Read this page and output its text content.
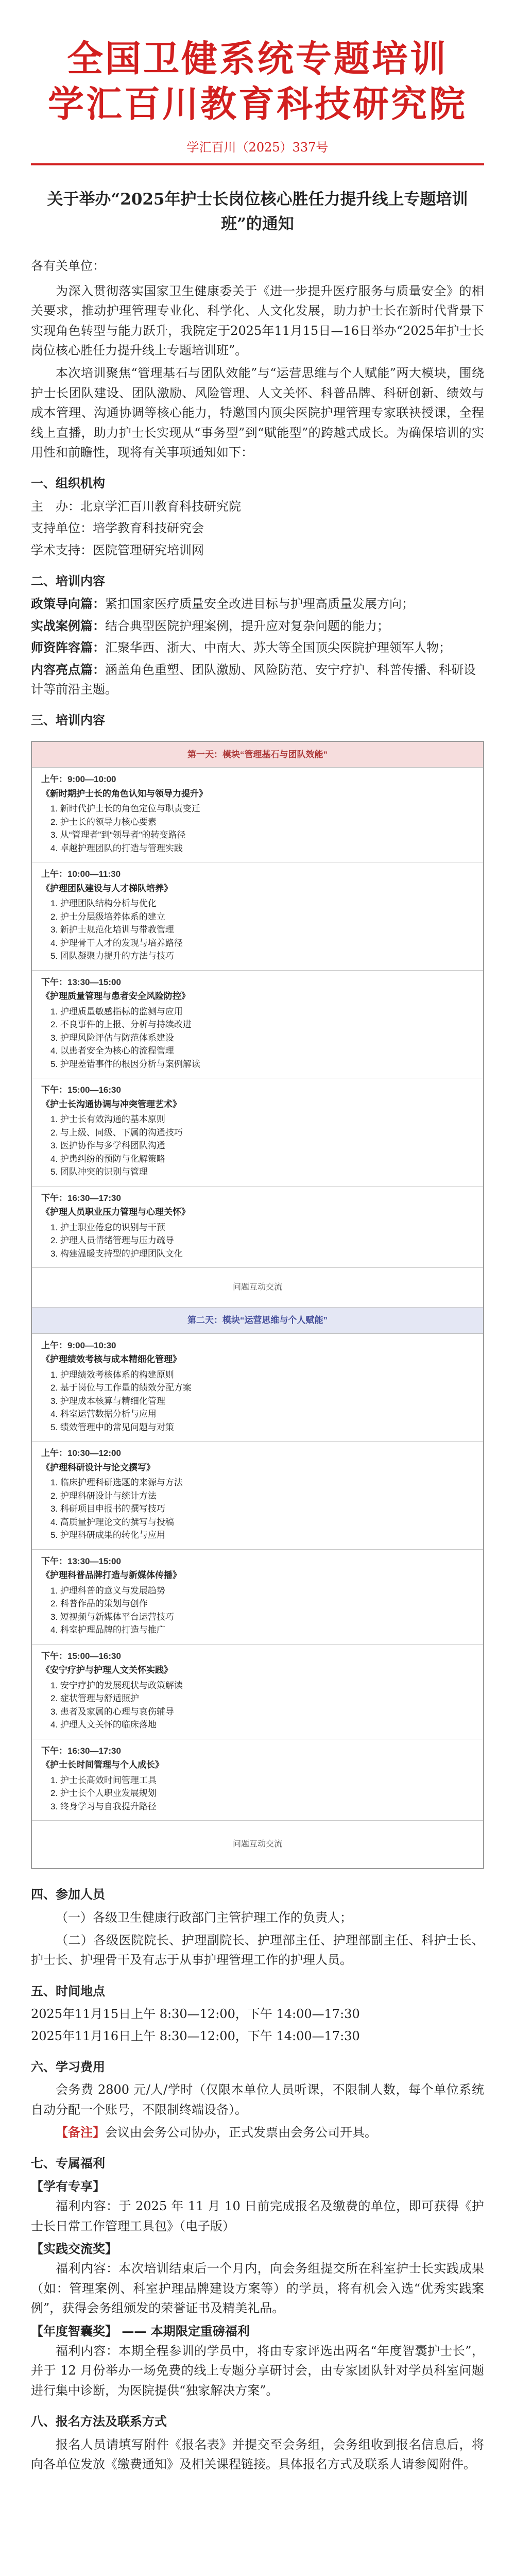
全国卫健系统专题培训
学汇百川教育科技研究院
学汇百川（2025）337号
关于举办“2025年护士长岗位核心胜任力提升线上专题培训班”的通知
各有关单位：

为深入贯彻落实国家卫生健康委关于《进一步提升医疗服务与质量安全》的相关要求，推动护理管理专业化、科学化、人文化发展，助力护士长在新时代背景下实现角色转型与能力跃升，我院定于2025年11月15日—16日举办“2025年护士长岗位核心胜任力提升线上专题培训班”。

本次培训聚焦“管理基石与团队效能”与“运营思维与个人赋能”两大模块，围绕护士长团队建设、团队激励、风险管理、人文关怀、科普品牌、科研创新、绩效与成本管理、沟通协调等核心能力，特邀国内顶尖医院护理管理专家联袂授课，全程线上直播，助力护士长实现从“事务型”到“赋能型”的跨越式成长。为确保培训的实用性和前瞻性，现将有关事项通知如下：

一、组织机构
主　办：北京学汇百川教育科技研究院
支持单位：培学教育科技研究会
学术支持：医院管理研究培训网
二、培训内容
政策导向篇：紧扣国家医疗质量安全改进目标与护理高质量发展方向；
实战案例篇：结合典型医院护理案例，提升应对复杂问题的能力；
师资阵容篇：汇聚华西、浙大、中南大、苏大等全国顶尖医院护理领军人物；
内容亮点篇：涵盖角色重塑、团队激励、风险防范、安宁疗护、科普传播、科研设计等前沿主题。
三、培训内容
第一天：模块“管理基石与团队效能”
上午：9:00—10:00
《新时期护士长的角色认知与领导力提升》
1. 新时代护士长的角色定位与职责变迁
2. 护士长的领导力核心要素
3. 从“管理者”到“领导者”的转变路径
4. 卓越护理团队的打造与管理实践
上午：10:00—11:30
《护理团队建设与人才梯队培养》
1. 护理团队结构分析与优化
2. 护士分层级培养体系的建立
3. 新护士规范化培训与带教管理
4. 护理骨干人才的发现与培养路径
5. 团队凝聚力提升的方法与技巧
下午：13:30—15:00
《护理质量管理与患者安全风险防控》
1. 护理质量敏感指标的监测与应用
2. 不良事件的上报、分析与持续改进
3. 护理风险评估与防范体系建设
4. 以患者安全为核心的流程管理
5. 护理差错事件的根因分析与案例解读
下午：15:00—16:30
《护士长沟通协调与冲突管理艺术》
1. 护士长有效沟通的基本原则
2. 与上级、同级、下属的沟通技巧
3. 医护协作与多学科团队沟通
4. 护患纠纷的预防与化解策略
5. 团队冲突的识别与管理
下午：16:30—17:30
《护理人员职业压力管理与心理关怀》
1. 护士职业倦怠的识别与干预
2. 护理人员情绪管理与压力疏导
3. 构建温暖支持型的护理团队文化
问题互动交流
第二天：模块“运营思维与个人赋能”
上午：9:00—10:30
《护理绩效考核与成本精细化管理》
1. 护理绩效考核体系的构建原则
2. 基于岗位与工作量的绩效分配方案
3. 护理成本核算与精细化管理
4. 科室运营数据分析与应用
5. 绩效管理中的常见问题与对策
上午：10:30—12:00
《护理科研设计与论文撰写》
1. 临床护理科研选题的来源与方法
2. 护理科研设计与统计方法
3. 科研项目申报书的撰写技巧
4. 高质量护理论文的撰写与投稿
5. 护理科研成果的转化与应用
下午：13:30—15:00
《护理科普品牌打造与新媒体传播》
1. 护理科普的意义与发展趋势
2. 科普作品的策划与创作
3. 短视频与新媒体平台运营技巧
4. 科室护理品牌的打造与推广
下午：15:00—16:30
《安宁疗护与护理人文关怀实践》
1. 安宁疗护的发展现状与政策解读
2. 症状管理与舒适照护
3. 患者及家属的心理与哀伤辅导
4. 护理人文关怀的临床落地
下午：16:30—17:30
《护士长时间管理与个人成长》
1. 护士长高效时间管理工具
2. 护士长个人职业发展规划
3. 终身学习与自我提升路径
问题互动交流
四、参加人员

（一）各级卫生健康行政部门主管护理工作的负责人；

（二）各级医院院长、护理副院长、护理部主任、护理部副主任、科护士长、护士长、护理骨干及有志于从事护理管理工作的护理人员。

五、时间地点
2025年11月15日上午 8:30—12:00，下午 14:00—17:30
2025年11月16日上午 8:30—12:00，下午 14:00—17:30
六、学习费用

会务费 2800 元/人/学时（仅限本单位人员听课，不限制人数，每个单位系统自动分配一个账号，不限制终端设备）。

【备注】会议由会务公司协办，正式发票由会务公司开具。

七、专属福利
【学有专享】

福利内容：于 2025 年 11 月 10 日前完成报名及缴费的单位，即可获得《护士长日常工作管理工具包》（电子版）

【实践交流奖】

福利内容：本次培训结束后一个月内，向会务组提交所在科室护士长实践成果（如：管理案例、科室护理品牌建设方案等）的学员，将有机会入选“优秀实践案例”，获得会务组颁发的荣誉证书及精美礼品。

【年度智囊奖】 —— 本期限定重磅福利

福利内容：本期全程参训的学员中，将由专家评选出两名“年度智囊护士长”，并于 12 月份举办一场免费的线上专题分享研讨会，由专家团队针对学员科室问题进行集中诊断，为医院提供“独家解决方案”。

八、报名方法及联系方式

报名人员请填写附件《报名表》并提交至会务组，会务组收到报名信息后，将向各单位发放《缴费通知》及相关课程链接。具体报名方式及联系人请参阅附件。
